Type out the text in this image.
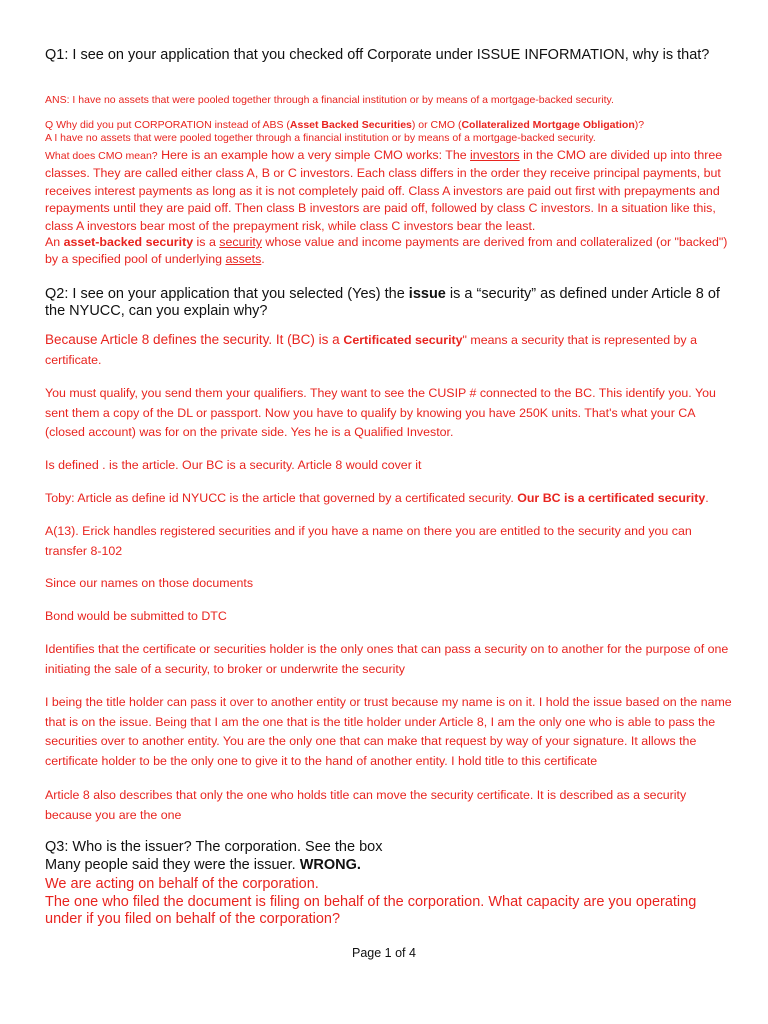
Q1: I see on your application that you checked off Corporate under ISSUE INFORMATION, why is that?
ANS: I have no assets that were pooled together through a financial institution or by means of a mortgage-backed security.
Q Why did you put CORPORATION instead of ABS (Asset Backed Securities) or CMO (Collateralized Mortgage Obligation)?
A I have no assets that were pooled together through a financial institution or by means of a mortgage-backed security.
What does CMO mean? Here is an example how a very simple CMO works: The investors in the CMO are divided up into three classes. They are called either class A, B or C investors. Each class differs in the order they receive principal payments, but receives interest payments as long as it is not completely paid off. Class A investors are paid out first with prepayments and repayments until they are paid off. Then class B investors are paid off, followed by class C investors. In a situation like this, class A investors bear most of the prepayment risk, while class C investors bear the least.
An asset-backed security is a security whose value and income payments are derived from and collateralized (or "backed") by a specified pool of underlying assets.
Q2: I see on your application that you selected (Yes) the issue is a “security” as defined under Article 8 of the NYUCC, can you explain why?
Because Article 8 defines the security. It (BC) is a Certificated security" means a security that is represented by a certificate.
You must qualify, you send them your qualifiers. They want to see the CUSIP # connected to the BC. This identify you. You sent them a copy of the DL or passport. Now you have to qualify by knowing you have 250K units. That's what your CA (closed account) was for on the private side. Yes he is a Qualified Investor.
Is defined . is the article. Our BC is a security. Article 8 would cover it
Toby: Article as define id NYUCC is the article that governed by a certificated security. Our BC is a certificated security.
A(13). Erick handles registered securities and if you have a name on there you are entitled to the security and you can transfer 8-102
Since our names on those documents
Bond would be submitted to DTC
Identifies that the certificate or securities holder is the only ones that can pass a security on to another for the purpose of one initiating the sale of a security, to broker or underwrite the security
I being the title holder can pass it over to another entity or trust because my name is on it. I hold the issue based on the name that is on the issue. Being that I am the one that is the title holder under Article 8, I am the only one who is able to pass the securities over to another entity. You are the only one that can make that request by way of your signature. It allows the certificate holder to be the only one to give it to the hand of another entity. I hold title to this certificate
Article 8 also describes that only the one who holds title can move the security certificate. It is described as a security because you are the one
Q3: Who is the issuer? The corporation. See the box
Many people said they were the issuer. WRONG.
We are acting on behalf of the corporation.
The one who filed the document is filing on behalf of the corporation. What capacity are you operating under if you filed on behalf of the corporation?
Page 1 of 4
